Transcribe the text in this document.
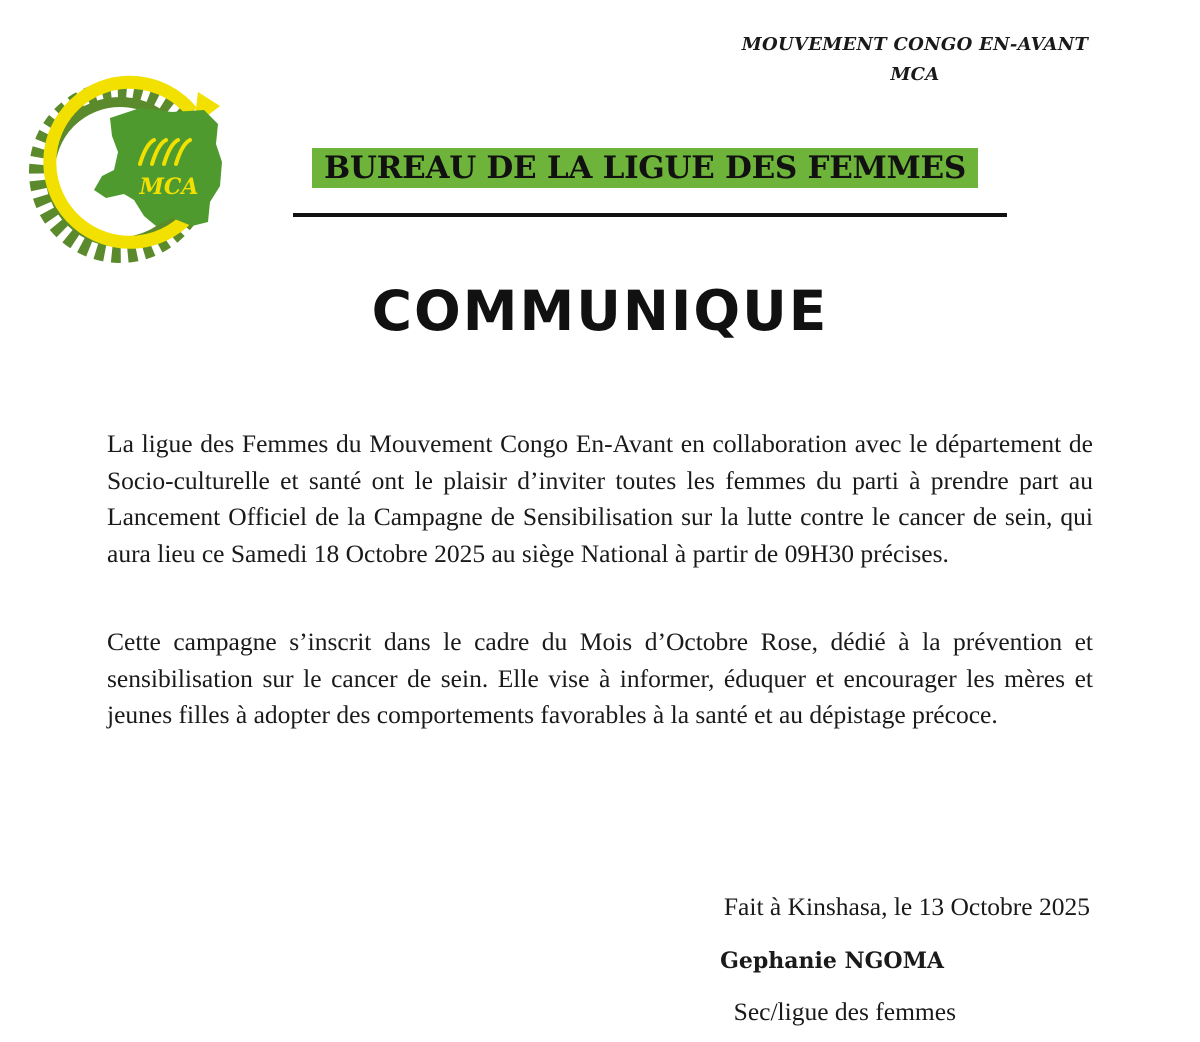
MCA
MOUVEMENT CONGO EN-AVANT
MCA
BUREAU DE LA LIGUE DES FEMMES
COMMUNIQUE

La ligue des Femmes du Mouvement Congo En-Avant en collaboration avec le département de Socio-culturelle et santé ont le plaisir d’inviter toutes les femmes du parti à prendre part au Lancement Officiel de la Campagne de Sensibilisation sur la lutte contre le cancer de sein, qui aura lieu ce Samedi 18 Octobre 2025 au siège National à partir de 09H30 précises.

Cette campagne s’inscrit dans le cadre du Mois d’Octobre Rose, dédié à la prévention et sensibilisation sur le cancer de sein. Elle vise à informer, éduquer et encourager les mères et jeunes filles à adopter des comportements favorables à la santé et au dépistage précoce.

Fait à Kinshasa, le 13 Octobre 2025
Gephanie NGOMA
Sec/ligue des femmes
